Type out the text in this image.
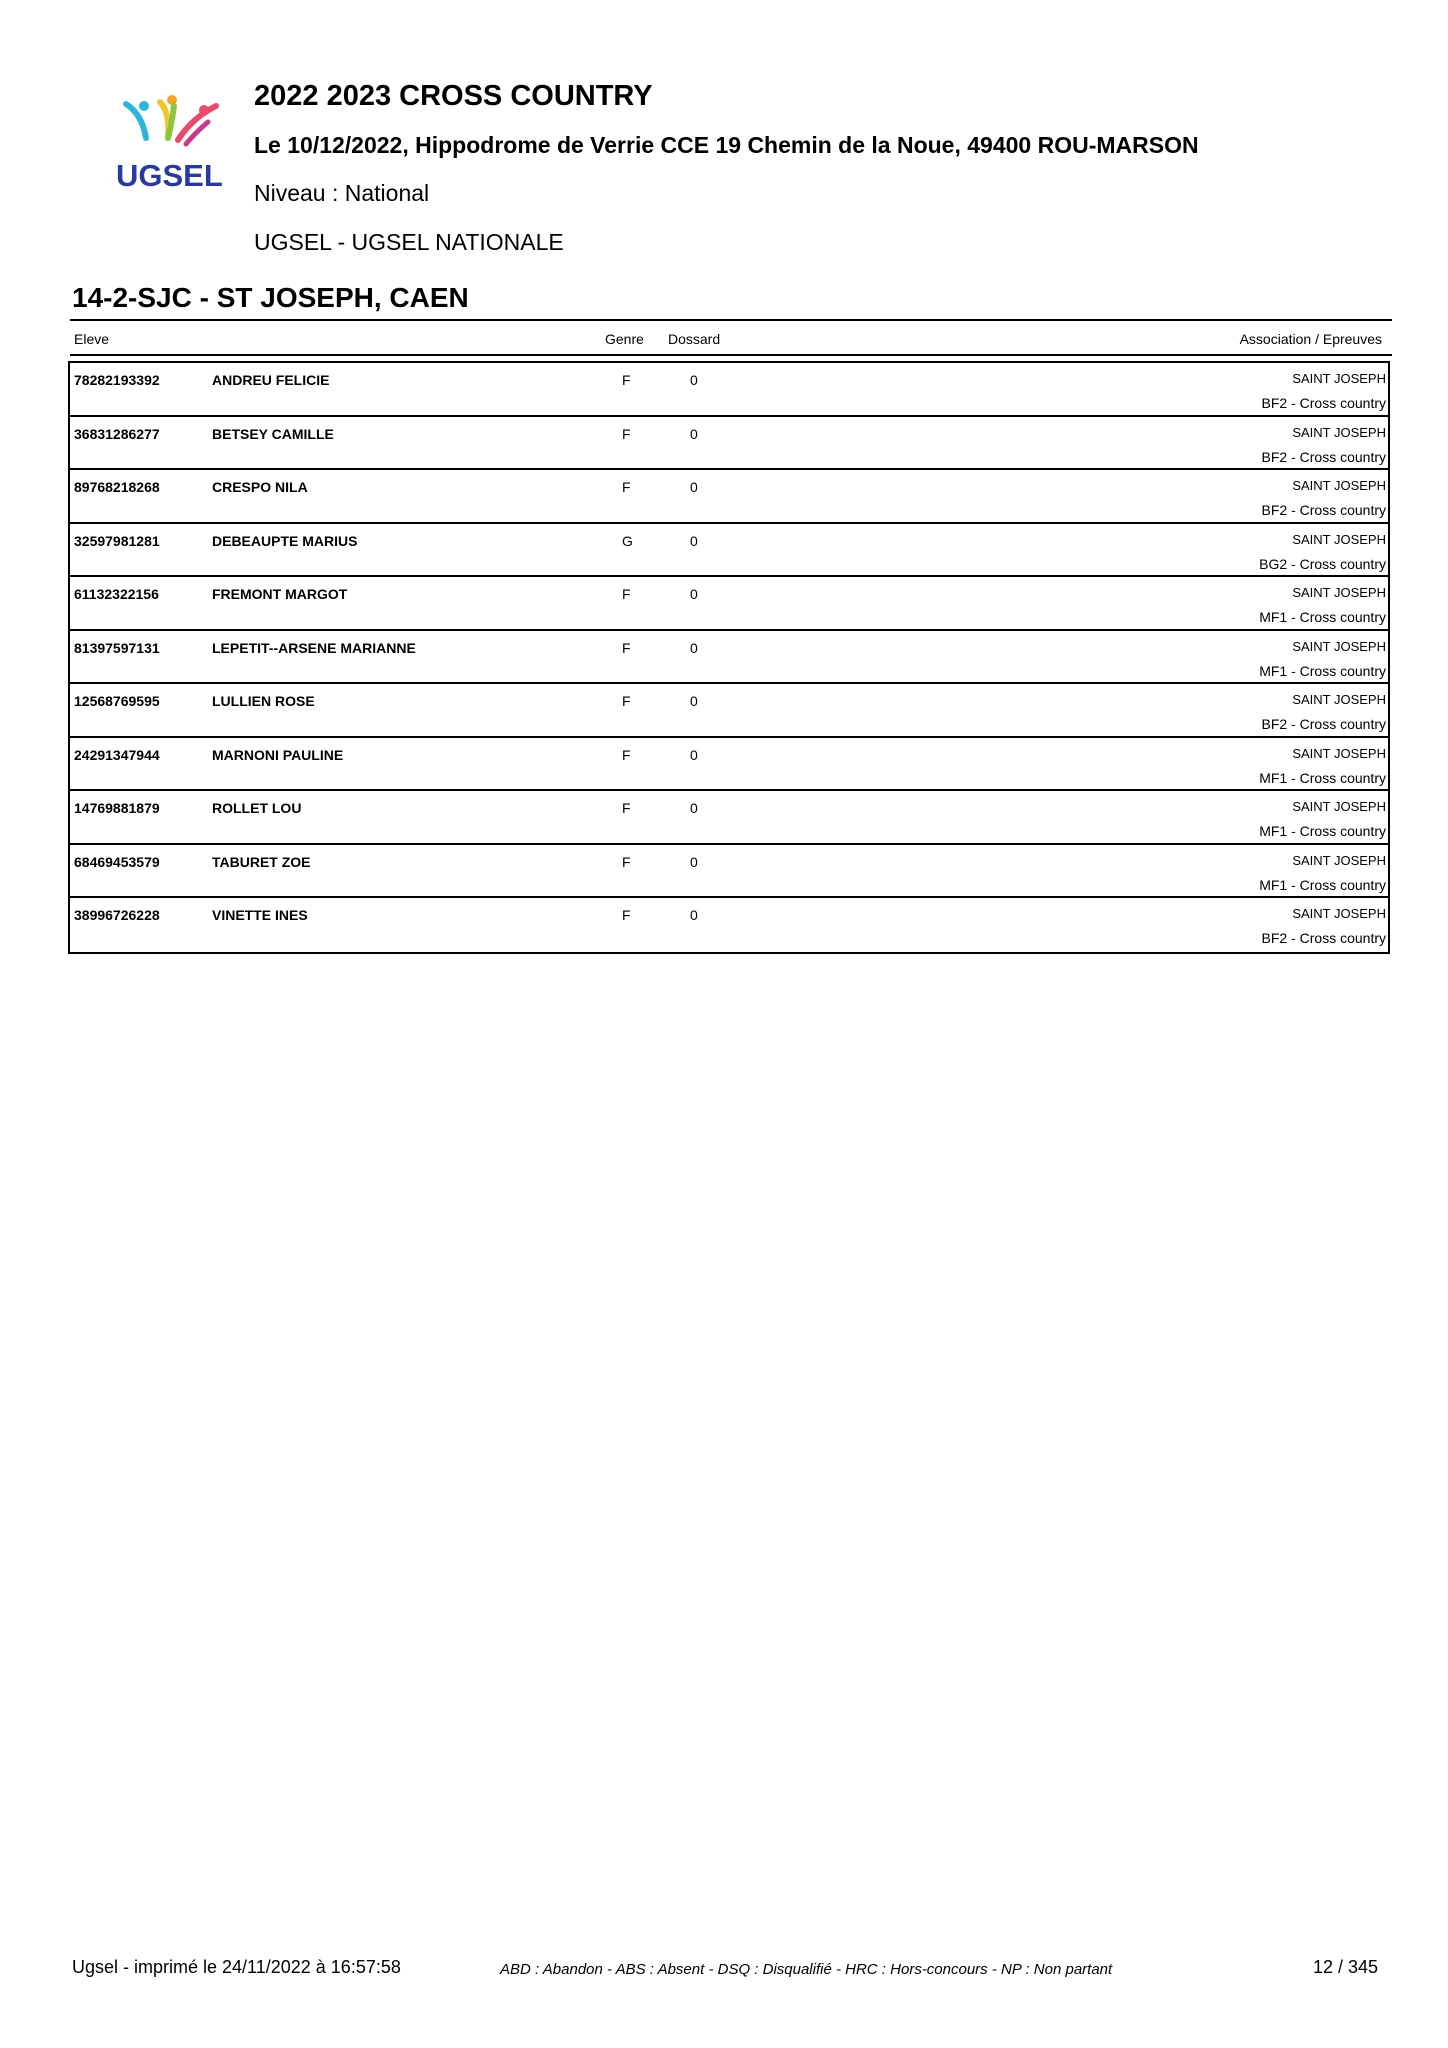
UGSEL
2022 2023 CROSS COUNTRY
Le 10/12/2022, Hippodrome de Verrie CCE 19 Chemin de la Noue, 49400 ROU-MARSON
Niveau : National
UGSEL - UGSEL NATIONALE
14-2-SJC - ST JOSEPH, CAEN
Eleve	Genre Dossard	Association / Epreuves
78282193392	ANDREU FELICIE	F	0	SAINT JOSEPH
BF2 - Cross country
36831286277	BETSEY CAMILLE	F	0	SAINT JOSEPH
BF2 - Cross country
89768218268	CRESPO NILA	F	0	SAINT JOSEPH
BF2 - Cross country
32597981281	DEBEAUPTE MARIUS	G	0	SAINT JOSEPH
BG2 - Cross country
61132322156	FREMONT MARGOT	F	0	SAINT JOSEPH
MF1 - Cross country
81397597131	LEPETIT--ARSENE MARIANNE	F	0	SAINT JOSEPH
MF1 - Cross country
12568769595	LULLIEN ROSE	F	0	SAINT JOSEPH
BF2 - Cross country
24291347944	MARNONI PAULINE	F	0	SAINT JOSEPH
MF1 - Cross country
14769881879	ROLLET LOU	F	0	SAINT JOSEPH
MF1 - Cross country
68469453579	TABURET ZOE	F	0	SAINT JOSEPH
MF1 - Cross country
38996726228	VINETTE INES	F	0	SAINT JOSEPH
BF2 - Cross country
Ugsel - imprimé le 24/11/2022 à 16:57:58	ABD : Abandon - ABS : Absent - DSQ : Disqualifié - HRC : Hors-concours - NP : Non partant	12 / 345
